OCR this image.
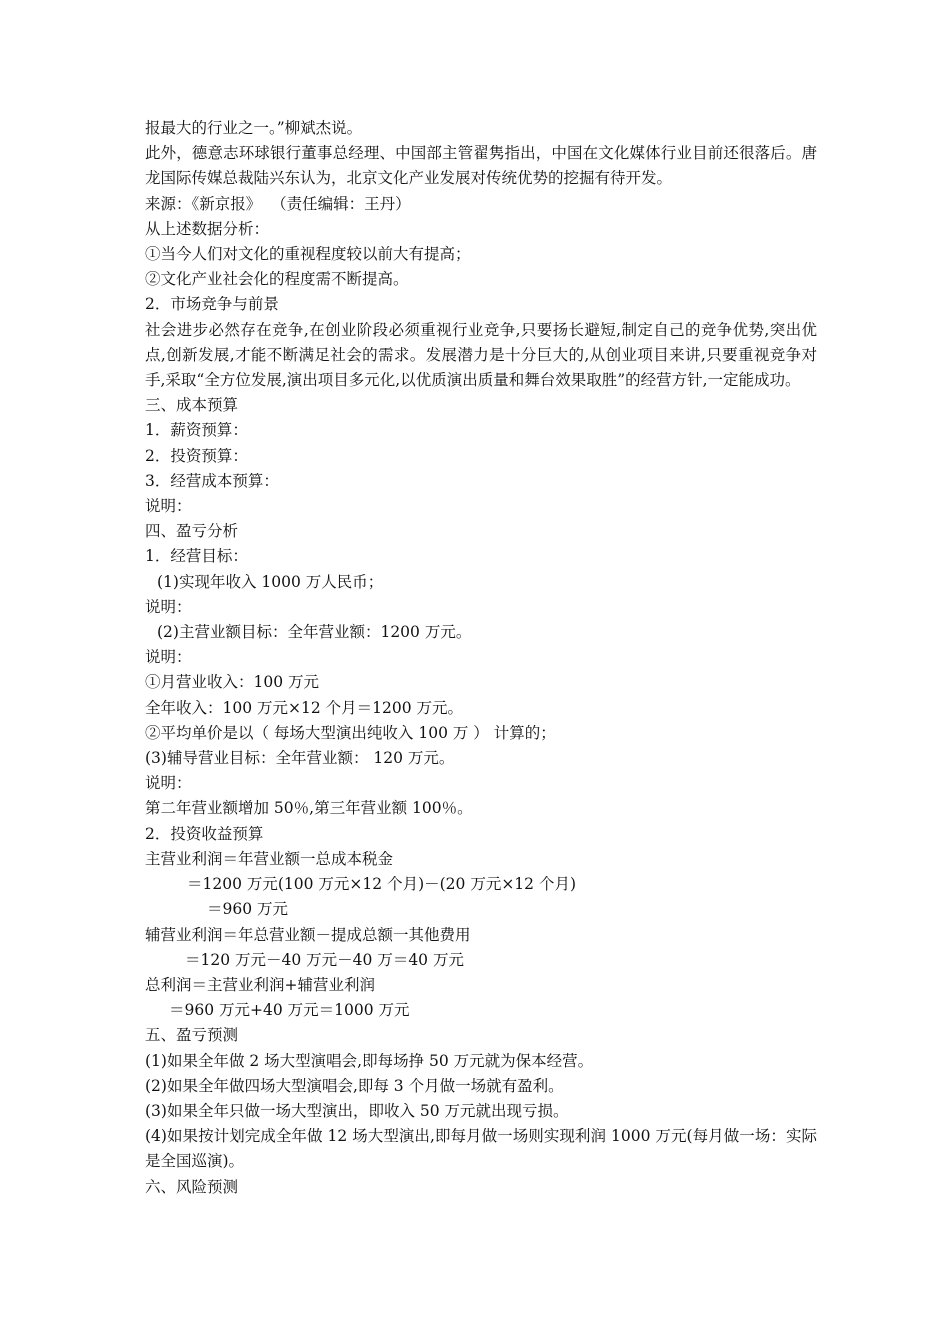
报最大的行业之一。”柳斌杰说。
此外，德意志环球银行董事总经理、中国部主管翟隽指出，中国在文化媒体行业目前还很落后。唐龙国际传媒总裁陆兴东认为，北京文化产业发展对传统优势的挖掘有待开发。
来源：《新京报》  （责任编辑：王丹）
从上述数据分析：
①当今人们对文化的重视程度较以前大有提高；
②文化产业社会化的程度需不断提高。
2．市场竞争与前景
社会进步必然存在竞争,在创业阶段必须重视行业竞争,只要扬长避短,制定自己的竞争优势,突出优点,创新发展,才能不断满足社会的需求。发展潜力是十分巨大的,从创业项目来讲,只要重视竞争对手,采取“全方位发展,演出项目多元化,以优质演出质量和舞台效果取胜”的经营方针,一定能成功。
三、成本预算
1．薪资预算：
2．投资预算：
3．经营成本预算：
说明：
四、盈亏分析
1．经营目标：
(1)实现年收入 1000 万人民币；
说明：
(2)主营业额目标：全年营业额：1200 万元。
说明：
①月营业收入：100 万元
全年收入：100 万元×12 个月＝1200 万元。
②平均单价是以（ 每场大型演出纯收入 100 万 ） 计算的；
(3)辅导营业目标：全年营业额： 120 万元。
说明：
第二年营业额增加 50％,第三年营业额 100％。
2．投资收益预算
主营业利润＝年营业额一总成本税金
＝1200 万元(100 万元×12 个月)－(20 万元×12 个月)
＝960 万元
辅营业利润＝年总营业额－提成总额一其他费用
＝120 万元－40 万元－40 万＝40 万元
总利润＝主营业利润+辅营业利润
＝960 万元+40 万元＝1000 万元
五、盈亏预测
(1)如果全年做 2 场大型演唱会,即每场挣 50 万元就为保本经营。
(2)如果全年做四场大型演唱会,即每 3 个月做一场就有盈利。
(3)如果全年只做一场大型演出，即收入 50 万元就出现亏损。
(4)如果按计划完成全年做 12 场大型演出,即每月做一场则实现利润 1000 万元(每月做一场：实际是全国巡演)。
六、风险预测
